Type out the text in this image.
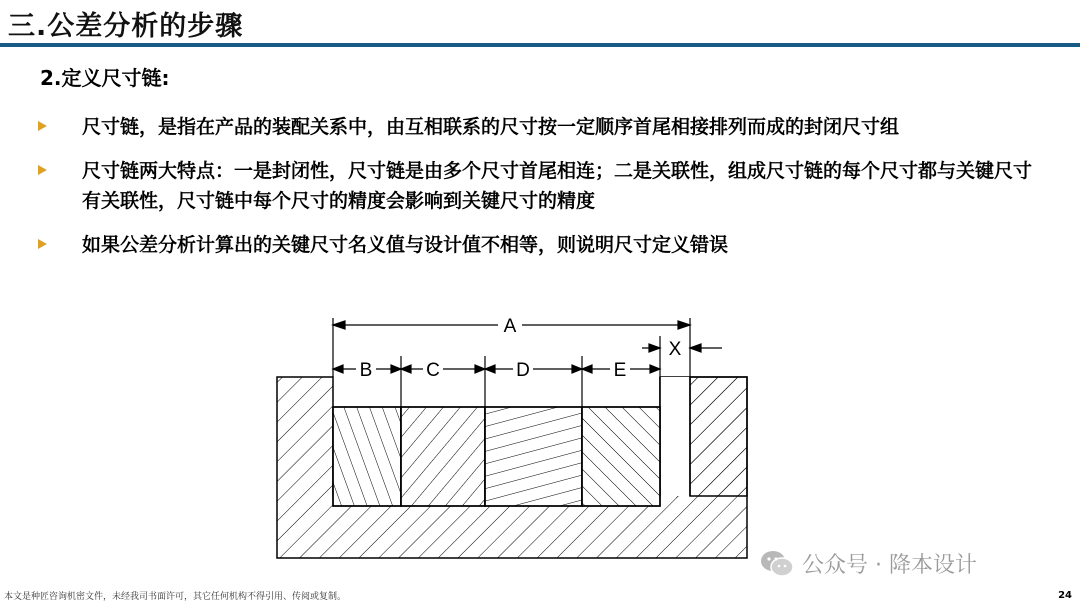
三.公差分析的步骤
2.定义尺寸链:
尺寸链，是指在产品的装配关系中，由互相联系的尺寸按一定顺序首尾相接排列而成的封闭尺寸组
尺寸链两大特点：一是封闭性，尺寸链是由多个尺寸首尾相连；二是关联性，组成尺寸链的每个尺寸都与关键尺寸有关联性，尺寸链中每个尺寸的精度会影响到关键尺寸的精度
如果公差分析计算出的关键尺寸名义值与设计值不相等，则说明尺寸定义错误
A
B	C	D	E
X
公众号 · 降本设计
本文是种匠咨询机密文件，未经我司书面许可，其它任何机构不得引用、传阅或复制。	24
